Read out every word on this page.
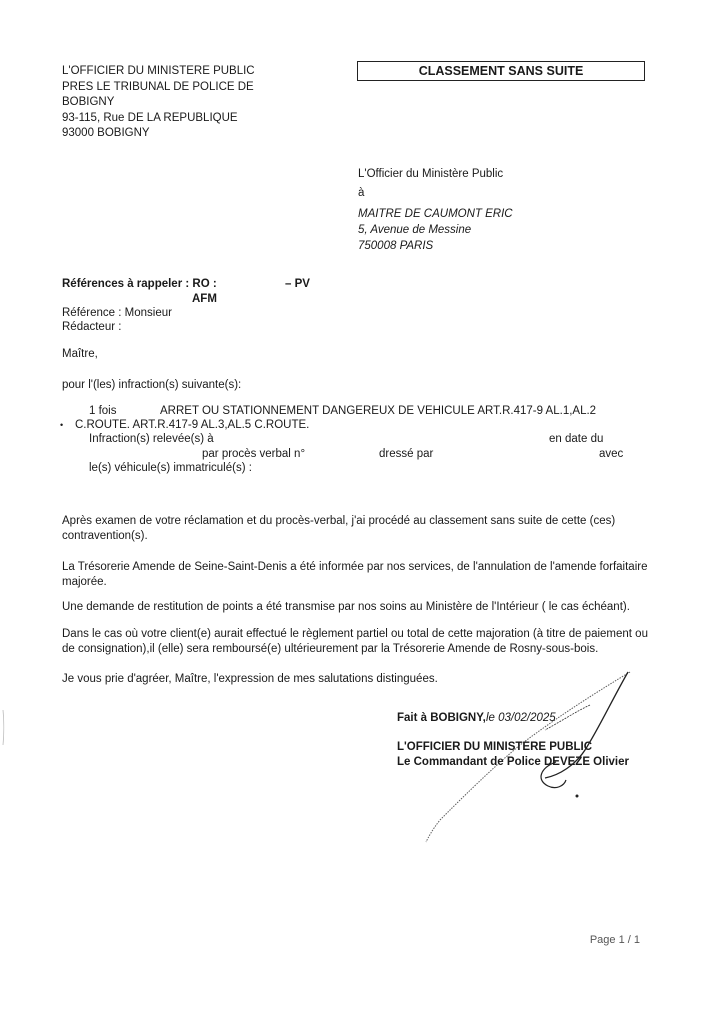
L'OFFICIER DU MINISTERE PUBLIC
PRES LE TRIBUNAL DE POLICE DE
BOBIGNY
93-115, Rue DE LA REPUBLIQUE
93000 BOBIGNY
CLASSEMENT SANS SUITE
L'Officier du Ministère Public
à
MAITRE DE CAUMONT ERIC
5, Avenue de Messine
750008 PARIS
Références à rappeler : RO :	– PV
AFM
Référence : Monsieur
Rédacteur :
Maître,
pour l'(les) infraction(s) suivante(s):
1 fois	ARRET OU STATIONNEMENT DANGEREUX DE VEHICULE ART.R.417-9 AL.1,AL.2
• C.ROUTE. ART.R.417-9 AL.3,AL.5 C.ROUTE.
Infraction(s) relevée(s) à	en date du
par procès verbal n°	dressé par	avec
le(s) véhicule(s) immatriculé(s) :
Après examen de votre réclamation et du procès-verbal, j'ai procédé au classement sans suite de cette (ces) contravention(s).
La Trésorerie Amende de Seine-Saint-Denis a été informée par nos services, de l'annulation de l'amende forfaitaire majorée.
Une demande de restitution de points a été transmise par nos soins au Ministère de l'Intérieur ( le cas échéant).
Dans le cas où votre client(e) aurait effectué le règlement partiel ou total de cette majoration (à titre de paiement ou de consignation),il (elle) sera remboursé(e) ultérieurement par la Trésorerie Amende de Rosny-sous-bois.
Je vous prie d'agréer, Maître, l'expression de mes salutations distinguées.
Fait à BOBIGNY, le 03/02/2025
L'OFFICIER DU MINISTERE PUBLIC
Le Commandant de Police DEVEZE Olivier
Page 1 / 1
